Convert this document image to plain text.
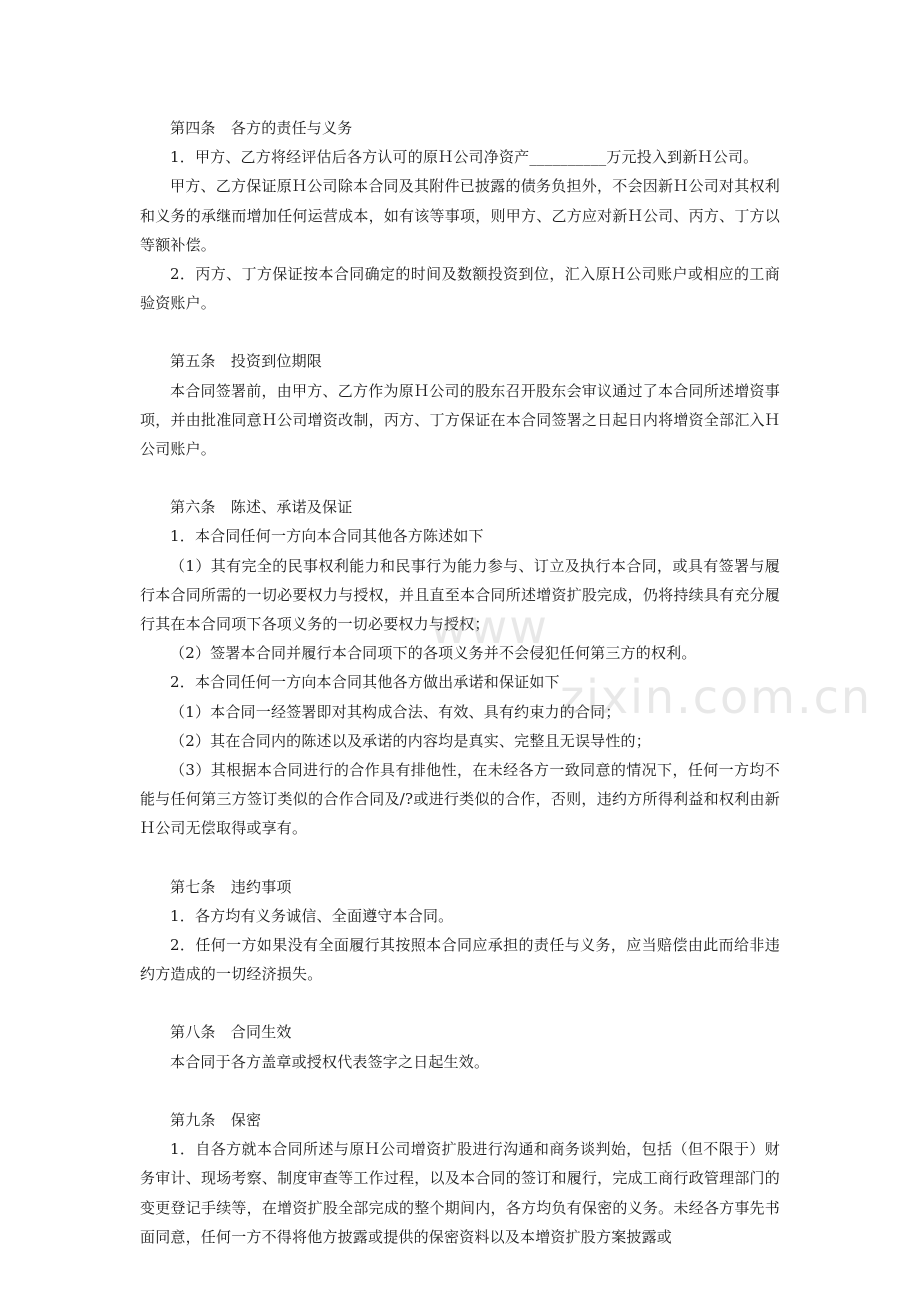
第四条　各方的责任与义务

1．甲方、乙方将经评估后各方认可的原Ｈ公司净资产__________万元投入到新Ｈ公司。

甲方、乙方保证原Ｈ公司除本合同及其附件已披露的债务负担外，不会因新Ｈ公司对其权利和义务的承继而增加任何运营成本，如有该等事项，则甲方、乙方应对新Ｈ公司、丙方、丁方以等额补偿。

2．丙方、丁方保证按本合同确定的时间及数额投资到位，汇入原Ｈ公司账户或相应的工商验资账户。

第五条　投资到位期限

本合同签署前，由甲方、乙方作为原Ｈ公司的股东召开股东会审议通过了本合同所述增资事项，并由批准同意Ｈ公司增资改制，丙方、丁方保证在本合同签署之日起日内将增资全部汇入Ｈ公司账户。

第六条　陈述、承诺及保证

1．本合同任何一方向本合同其他各方陈述如下

（1）其有完全的民事权利能力和民事行为能力参与、订立及执行本合同，或具有签署与履行本合同所需的一切必要权力与授权，并且直至本合同所述增资扩股完成，仍将持续具有充分履行其在本合同项下各项义务的一切必要权力与授权；

（2）签署本合同并履行本合同项下的各项义务并不会侵犯任何第三方的权利。

2．本合同任何一方向本合同其他各方做出承诺和保证如下

（1）本合同一经签署即对其构成合法、有效、具有约束力的合同；

（2）其在合同内的陈述以及承诺的内容均是真实、完整且无误导性的；

（3）其根据本合同进行的合作具有排他性，在未经各方一致同意的情况下，任何一方均不能与任何第三方签订类似的合作合同及/?或进行类似的合作，否则，违约方所得利益和权利由新Ｈ公司无偿取得或享有。

第七条　违约事项

1．各方均有义务诚信、全面遵守本合同。

2．任何一方如果没有全面履行其按照本合同应承担的责任与义务，应当赔偿由此而给非违约方造成的一切经济损失。

第八条　合同生效

本合同于各方盖章或授权代表签字之日起生效。

第九条　保密

1．自各方就本合同所述与原Ｈ公司增资扩股进行沟通和商务谈判始，包括（但不限于）财务审计、现场考察、制度审查等工作过程，以及本合同的签订和履行，完成工商行政管理部门的变更登记手续等，在增资扩股全部完成的整个期间内，各方均负有保密的义务。未经各方事先书面同意，任何一方不得将他方披露或提供的保密资料以及本增资扩股方案披露或

www
zixin.com.cn
